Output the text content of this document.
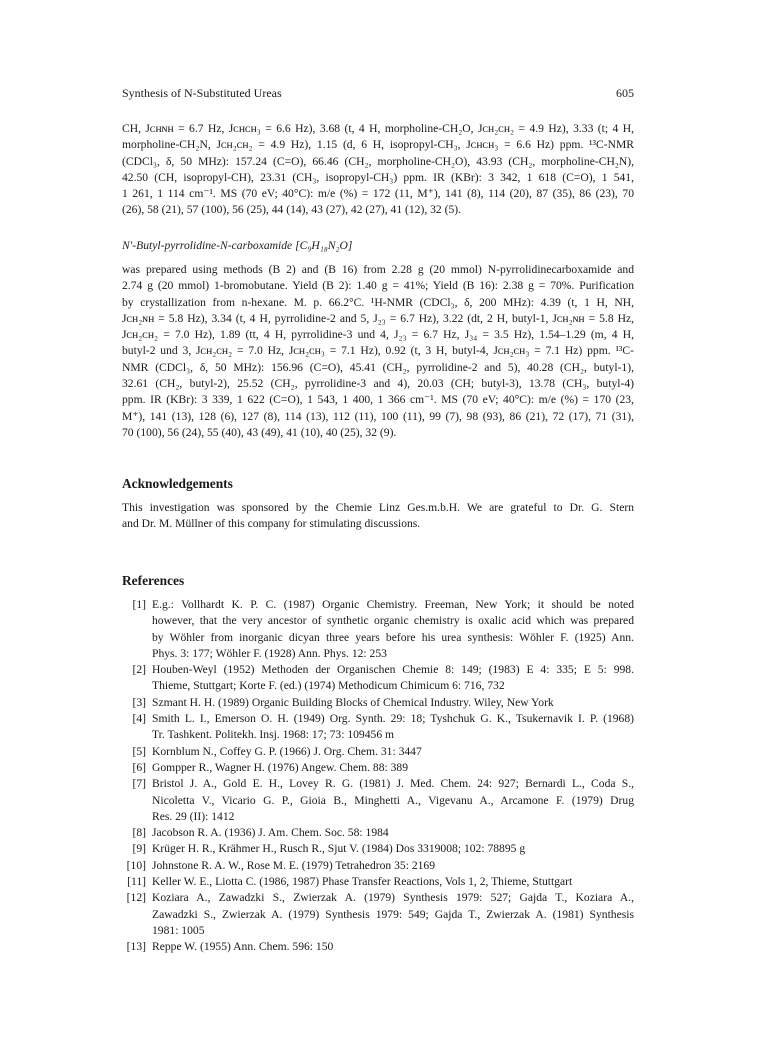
Synthesis of N-Substituted Ureas	605
CH, Jᴄʜɴʜ = 6.7 Hz, Jᴄʜᴄʜ₃ = 6.6 Hz), 3.68 (t, 4 H, morpholine-CH₂O, Jᴄʜ₂ᴄʜ₂ = 4.9 Hz), 3.33 (t; 4 H,
morpholine-CH₂N, Jᴄʜ₂ᴄʜ₂ = 4.9 Hz), 1.15 (d, 6 H, isopropyl-CH₃, Jᴄʜᴄʜ₃ = 6.6 Hz) ppm. ¹³C-NMR
(CDCl₃, δ, 50 MHz): 157.24 (C=O), 66.46 (CH₂, morpholine-CH₂O), 43.93 (CH₂, morpholine-CH₂N),
42.50 (CH, isopropyl-CH), 23.31 (CH₃, isopropyl-CH₃) ppm. IR (KBr): 3 342, 1 618 (C=O), 1 541,
1 261, 1 114 cm⁻¹. MS (70 eV; 40°C): m/e (%) = 172 (11, M⁺), 141 (8), 114 (20), 87 (35), 86 (23), 70
(26), 58 (21), 57 (100), 56 (25), 44 (14), 43 (27), 42 (27), 41 (12), 32 (5).
N′-Butyl-pyrrolidine-N-carboxamide [C₉H₁₈N₂O]
was prepared using methods (B 2) and (B 16) from 2.28 g (20 mmol) N-pyrrolidinecarboxamide and
2.74 g (20 mmol) 1-bromobutane. Yield (B 2): 1.40 g = 41%; Yield (B 16): 2.38 g = 70%. Purification
by crystallization from n-hexane. M. p. 66.2°C. ¹H-NMR (CDCl₃, δ, 200 MHz): 4.39 (t, 1 H, NH,
Jᴄʜ₂ɴʜ = 5.8 Hz), 3.34 (t, 4 H, pyrrolidine-2 and 5, J₂₃ = 6.7 Hz), 3.22 (dt, 2 H, butyl-1, Jᴄʜ₂ɴʜ = 5.8 Hz,
Jᴄʜ₂ᴄʜ₂ = 7.0 Hz), 1.89 (tt, 4 H, pyrrolidine-3 und 4, J₂₃ = 6.7 Hz, J₃₄ = 3.5 Hz), 1.54–1.29 (m, 4 H,
butyl-2 und 3, Jᴄʜ₂ᴄʜ₂ = 7.0 Hz, Jᴄʜ₂ᴄʜ₃ = 7.1 Hz), 0.92 (t, 3 H, butyl-4, Jᴄʜ₂ᴄʜ₃ = 7.1 Hz) ppm. ¹³C-
NMR (CDCl₃, δ, 50 MHz): 156.96 (C=O), 45.41 (CH₂, pyrrolidine-2 and 5), 40.28 (CH₂, butyl-1),
32.61 (CH₂, butyl-2), 25.52 (CH₂, pyrrolidine-3 and 4), 20.03 (CH; butyl-3), 13.78 (CH₃, butyl-4)
ppm. IR (KBr): 3 339, 1 622 (C=O), 1 543, 1 400, 1 366 cm⁻¹. MS (70 eV; 40°C): m/e (%) = 170 (23,
M⁺), 141 (13), 128 (6), 127 (8), 114 (13), 112 (11), 100 (11), 99 (7), 98 (93), 86 (21), 72 (17), 71 (31),
70 (100), 56 (24), 55 (40), 43 (49), 41 (10), 40 (25), 32 (9).
Acknowledgements
This investigation was sponsored by the Chemie Linz Ges.m.b.H. We are grateful to Dr. G. Stern
and Dr. M. Müllner of this company for stimulating discussions.
References
[1] E.g.: Vollhardt K. P. C. (1987) Organic Chemistry. Freeman, New York; it should be noted
however, that the very ancestor of synthetic organic chemistry is oxalic acid which was prepared
by Wöhler from inorganic dicyan three years before his urea synthesis: Wöhler F. (1925) Ann.
Phys. 3: 177; Wöhler F. (1928) Ann. Phys. 12: 253
[2] Houben-Weyl (1952) Methoden der Organischen Chemie 8: 149; (1983) E 4: 335; E 5: 998.
Thieme, Stuttgart; Korte F. (ed.) (1974) Methodicum Chimicum 6: 716, 732
[3] Szmant H. H. (1989) Organic Building Blocks of Chemical Industry. Wiley, New York
[4] Smith L. I., Emerson O. H. (1949) Org. Synth. 29: 18; Tyshchuk G. K., Tsukernavik I. P. (1968)
Tr. Tashkent. Politekh. Insj. 1968: 17; 73: 109456 m
[5] Kornblum N., Coffey G. P. (1966) J. Org. Chem. 31: 3447
[6] Gompper R., Wagner H. (1976) Angew. Chem. 88: 389
[7] Bristol J. A., Gold E. H., Lovey R. G. (1981) J. Med. Chem. 24: 927; Bernardi L., Coda S.,
Nicoletta V., Vicario G. P., Gioia B., Minghetti A., Vigevanu A., Arcamone F. (1979) Drug
Res. 29 (II): 1412
[8] Jacobson R. A. (1936) J. Am. Chem. Soc. 58: 1984
[9] Krüger H. R., Krähmer H., Rusch R., Sjut V. (1984) Dos 3319008; 102: 78895 g
[10] Johnstone R. A. W., Rose M. E. (1979) Tetrahedron 35: 2169
[11] Keller W. E., Liotta C. (1986, 1987) Phase Transfer Reactions, Vols 1, 2, Thieme, Stuttgart
[12] Koziara A., Zawadzki S., Zwierzak A. (1979) Synthesis 1979: 527; Gajda T., Koziara A.,
Zawadzki S., Zwierzak A. (1979) Synthesis 1979: 549; Gajda T., Zwierzak A. (1981) Synthesis
1981: 1005
[13] Reppe W. (1955) Ann. Chem. 596: 150
